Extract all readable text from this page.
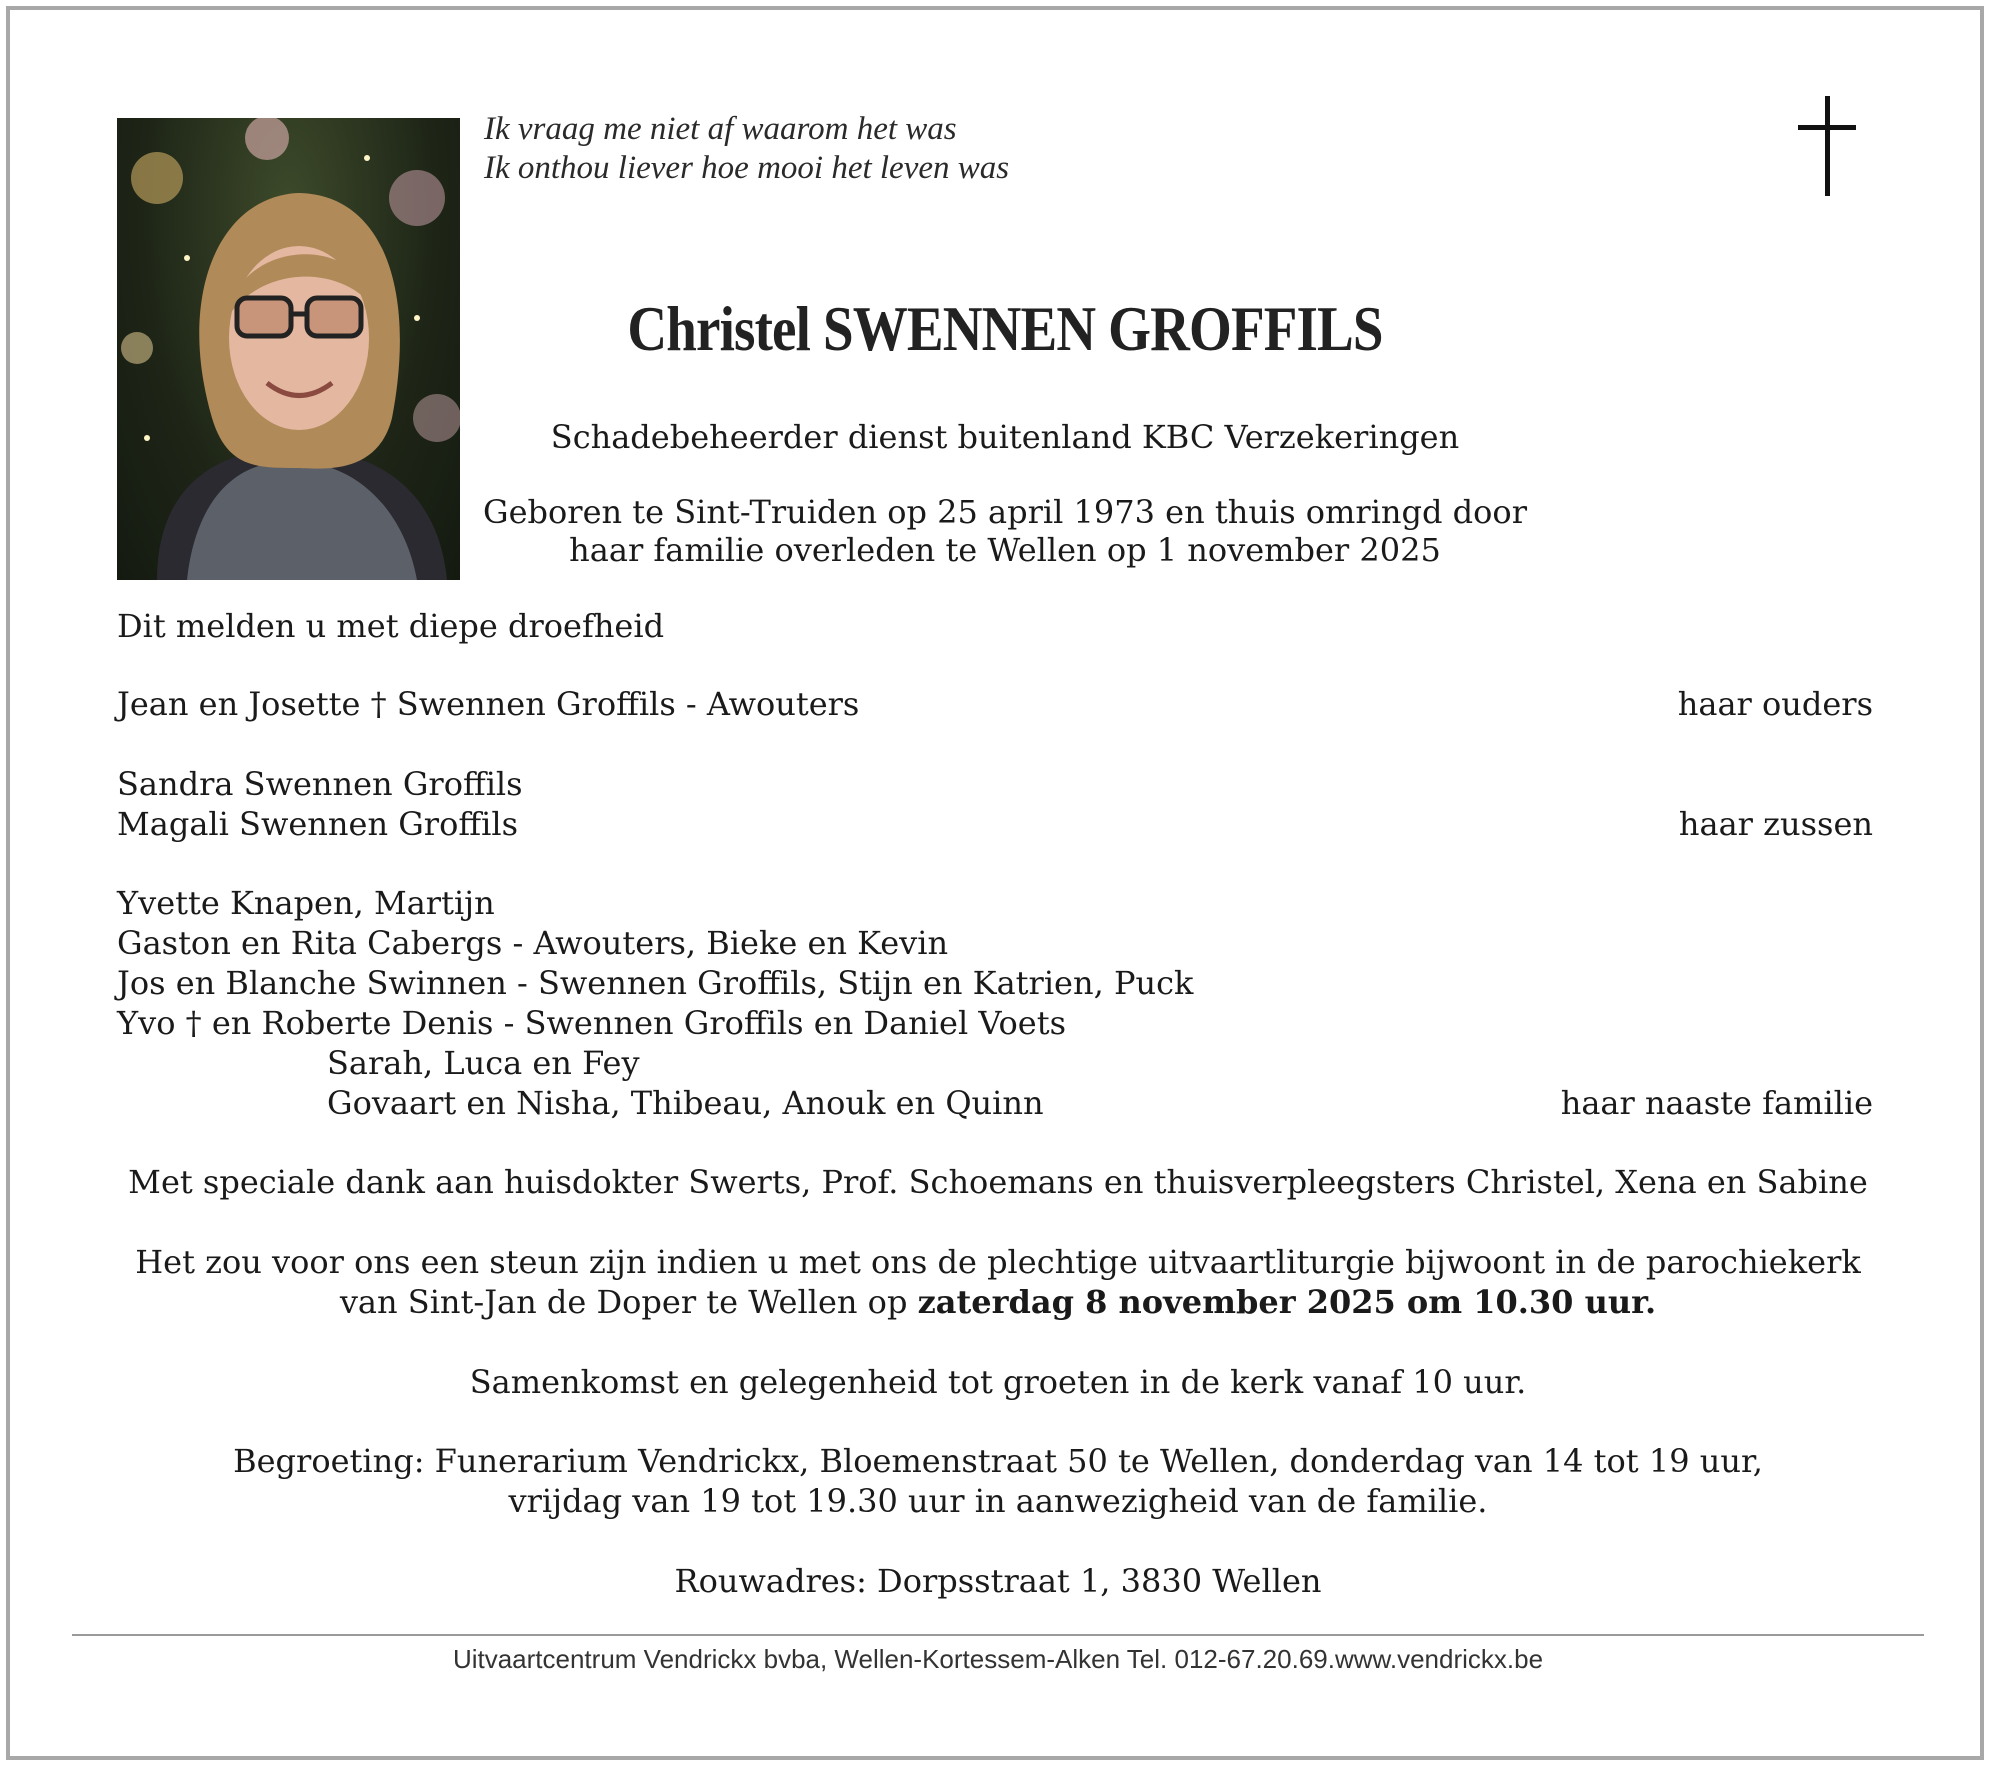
Ik vraag me niet af waarom het was
Ik onthou liever hoe mooi het leven was
Christel SWENNEN GROFFILS
Schadebeheerder dienst buitenland KBC Verzekeringen
Geboren te Sint-Truiden op 25 april 1973 en thuis omringd door
haar familie overleden te Wellen op 1 november 2025
Dit melden u met diepe droefheid
Jean en Josette † Swennen Groffils - Awouters	haar ouders
Sandra Swennen Groffils
Magali Swennen Groffils	haar zussen
Yvette Knapen, Martijn
Gaston en Rita Cabergs - Awouters, Bieke en Kevin
Jos en Blanche Swinnen - Swennen Groffils, Stijn en Katrien, Puck
Yvo † en Roberte Denis - Swennen Groffils en Daniel Voets
Sarah, Luca en Fey
Govaart en Nisha, Thibeau, Anouk en Quinn	haar naaste familie
Met speciale dank aan huisdokter Swerts, Prof. Schoemans en thuisverpleegsters Christel, Xena en Sabine
Het zou voor ons een steun zijn indien u met ons de plechtige uitvaartliturgie bijwoont in de parochiekerk
van Sint-Jan de Doper te Wellen op zaterdag 8 november 2025 om 10.30 uur.
Samenkomst en gelegenheid tot groeten in de kerk vanaf 10 uur.
Begroeting: Funerarium Vendrickx, Bloemenstraat 50 te Wellen, donderdag van 14 tot 19 uur,
vrijdag van 19 tot 19.30 uur in aanwezigheid van de familie.
Rouwadres: Dorpsstraat 1, 3830 Wellen
Uitvaartcentrum Vendrickx bvba, Wellen-Kortessem-Alken Tel. 012-67.20.69.www.vendrickx.be
